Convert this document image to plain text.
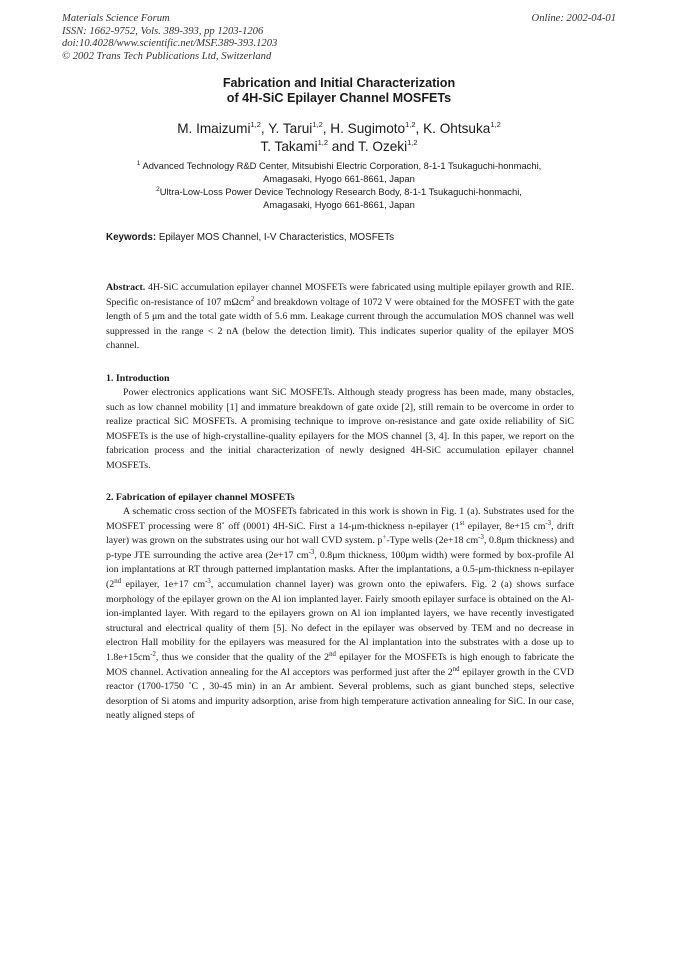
Materials Science Forum
ISSN: 1662-9752, Vols. 389-393, pp 1203-1206
doi:10.4028/www.scientific.net/MSF.389-393.1203
© 2002 Trans Tech Publications Ltd, Switzerland
Online: 2002-04-01
Fabrication and Initial Characterization
of 4H-SiC Epilayer Channel MOSFETs
M. Imaizumi$^{1,2}$, Y. Tarui$^{1,2}$, H. Sugimoto$^{1,2}$, K. Ohtsuka$^{1,2}$
T. Takami$^{1,2}$ and T. Ozeki$^{1,2}$
$^1$ Advanced Technology R&D Center, Mitsubishi Electric Corporation, 8-1-1 Tsukaguchi-honmachi,
Amagasaki, Hyogo 661-8661, Japan
$^2$Ultra-Low-Loss Power Device Technology Research Body, 8-1-1 Tsukaguchi-honmachi,
Amagasaki, Hyogo 661-8661, Japan
Keywords: Epilayer MOS Channel, I-V Characteristics, MOSFETs
Abstract. 4H-SiC accumulation epilayer channel MOSFETs were fabricated using multiple epilayer growth and RIE. Specific on-resistance of 107 mΩcm$^2$ and breakdown voltage of 1072 V were obtained for the MOSFET with the gate length of 5 μm and the total gate width of 5.6 mm. Leakage current through the accumulation MOS channel was well suppressed in the range < 2 nA (below the detection limit). This indicates superior quality of the epilayer MOS channel.
1. Introduction
Power electronics applications want SiC MOSFETs. Although steady progress has been made, many obstacles, such as low channel mobility [1] and immature breakdown of gate oxide [2], still remain to be overcome in order to realize practical SiC MOSFETs. A promising technique to improve on-resistance and gate oxide reliability of SiC MOSFETs is the use of high-crystalline-quality epilayers for the MOS channel [3, 4]. In this paper, we report on the fabrication process and the initial characterization of newly designed 4H-SiC accumulation epilayer channel MOSFETs.
2. Fabrication of epilayer channel MOSFETs
A schematic cross section of the MOSFETs fabricated in this work is shown in Fig. 1 (a). Substrates used for the MOSFET processing were 8˚ off (0001) 4H-SiC. First a 14-μm-thickness n-epilayer (1st epilayer, 8e+15 $cm^{-3}$, drift layer) was grown on the substrates using our hot wall CVD system. p+-Type wells (2e+18 $cm^{-3}$, 0.8μm thickness) and p-type JTE surrounding the active area (2e+17 $cm^{-3}$, 0.8μm thickness, 100μm width) were formed by box-profile Al ion implantations at RT through patterned implantation masks. After the implantations, a 0.5-μm-thickness n-epilayer (2nd epilayer, 1e+17 $cm^{-3}$, accumulation channel layer) was grown onto the epiwafers. Fig. 2 (a) shows surface morphology of the epilayer grown on the Al ion implanted layer. Fairly smooth epilayer surface is obtained on the Al-ion-implanted layer. With regard to the epilayers grown on Al ion implanted layers, we have recently investigated structural and electrical quality of them [5]. No defect in the epilayer was observed by TEM and no decrease in electron Hall mobility for the epilayers was measured for the Al implantation into the substrates with a dose up to $1.8e+15cm^{-2}$, thus we consider that the quality of the 2nd epilayer for the MOSFETs is high enough to fabricate the MOS channel. Activation annealing for the Al acceptors was performed just after the 2nd epilayer growth in the CVD reactor (1700-1750 ˚C , 30-45 min) in an Ar ambient. Several problems, such as giant bunched steps, selective desorption of Si atoms and impurity adsorption, arise from high temperature activation annealing for SiC. In our case, neatly aligned steps of
